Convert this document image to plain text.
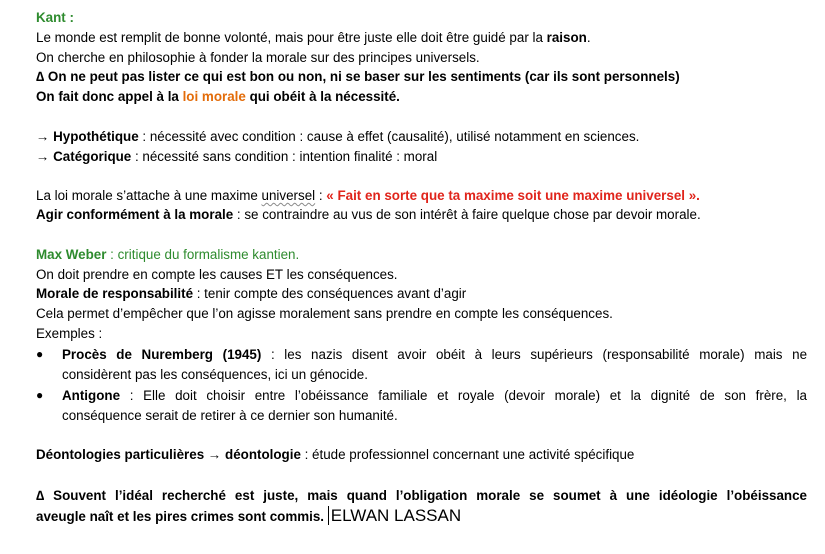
Kant :
Le monde est remplit de bonne volonté, mais pour être juste elle doit être guidé par la raison.
On cherche en philosophie à fonder la morale sur des principes universels.
∆ On ne peut pas lister ce qui est bon ou non, ni se baser sur les sentiments (car ils sont personnels)
On fait donc appel à la loi morale qui obéit à la nécessité.
→ Hypothétique : nécessité avec condition : cause à effet (causalité), utilisé notamment en sciences.
→ Catégorique : nécessité sans condition : intention finalité : moral
La loi morale s’attache à une maxime universel : « Fait en sorte que ta maxime soit une maxime universel ».
Agir conformément à la morale : se contraindre au vus de son intérêt à faire quelque chose par devoir morale.
Max Weber : critique du formalisme kantien.
On doit prendre en compte les causes ET les conséquences.
Morale de responsabilité : tenir compte des conséquences avant d’agir
Cela permet d’empêcher que l’on agisse moralement sans prendre en compte les conséquences.
Exemples :
● Procès de Nuremberg (1945) : les nazis disent avoir obéit à leurs supérieurs (responsabilité morale) mais ne
considèrent pas les conséquences, ici un génocide.
● Antigone : Elle doit choisir entre l’obéissance familiale et royale (devoir morale) et la dignité de son frère, la
conséquence serait de retirer à ce dernier son humanité.
Déontologies particulières → déontologie : étude professionnel concernant une activité spécifique
∆ Souvent l’idéal recherché est juste, mais quand l’obligation morale se soumet à une idéologie l’obéissance
aveugle naît et les pires crimes sont commis. ELWAN LASSAN
